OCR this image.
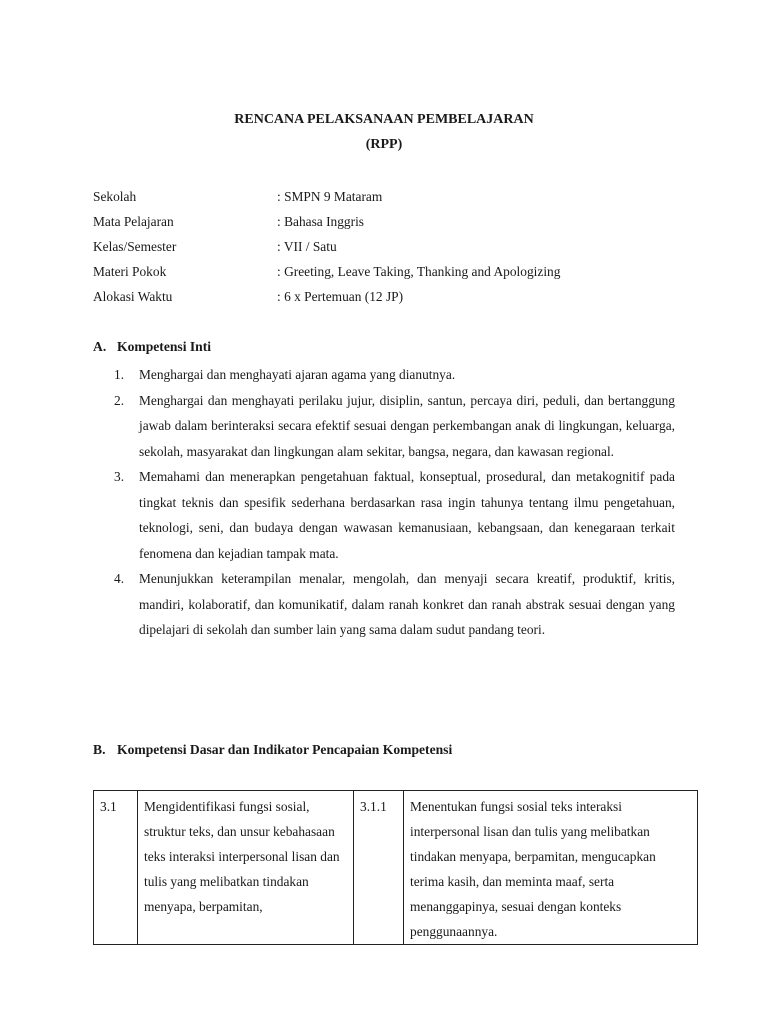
RENCANA PELAKSANAAN PEMBELAJARAN
(RPP)
Sekolah	: SMPN 9 Mataram
Mata Pelajaran	: Bahasa Inggris
Kelas/Semester	: VII / Satu
Materi Pokok	: Greeting, Leave Taking, Thanking and Apologizing
Alokasi Waktu	: 6 x Pertemuan (12 JP)
A. Kompetensi Inti
1. Menghargai dan menghayati ajaran agama yang dianutnya.
2. Menghargai dan menghayati perilaku jujur, disiplin, santun, percaya diri, peduli, dan bertanggung jawab dalam berinteraksi secara efektif sesuai dengan perkembangan anak di lingkungan, keluarga, sekolah, masyarakat dan lingkungan alam sekitar, bangsa, negara, dan kawasan regional.
3. Memahami dan menerapkan pengetahuan faktual, konseptual, prosedural, dan metakognitif pada tingkat teknis dan spesifik sederhana berdasarkan rasa ingin tahunya tentang ilmu pengetahuan, teknologi, seni, dan budaya dengan wawasan kemanusiaan, kebangsaan, dan kenegaraan terkait fenomena dan kejadian tampak mata.
4. Menunjukkan keterampilan menalar, mengolah, dan menyaji secara kreatif, produktif, kritis, mandiri, kolaboratif, dan komunikatif, dalam ranah konkret dan ranah abstrak sesuai dengan yang dipelajari di sekolah dan sumber lain yang sama dalam sudut pandang teori.
B. Kompetensi Dasar dan Indikator Pencapaian Kompetensi
3.1	Mengidentifikasi fungsi sosial, struktur teks, dan unsur kebahasaan teks interaksi interpersonal lisan dan tulis yang melibatkan tindakan menyapa, berpamitan,	3.1.1	Menentukan fungsi sosial teks interaksi interpersonal lisan dan tulis yang melibatkan tindakan menyapa, berpamitan, mengucapkan terima kasih, dan meminta maaf, serta menanggapinya, sesuai dengan konteks penggunaannya.
